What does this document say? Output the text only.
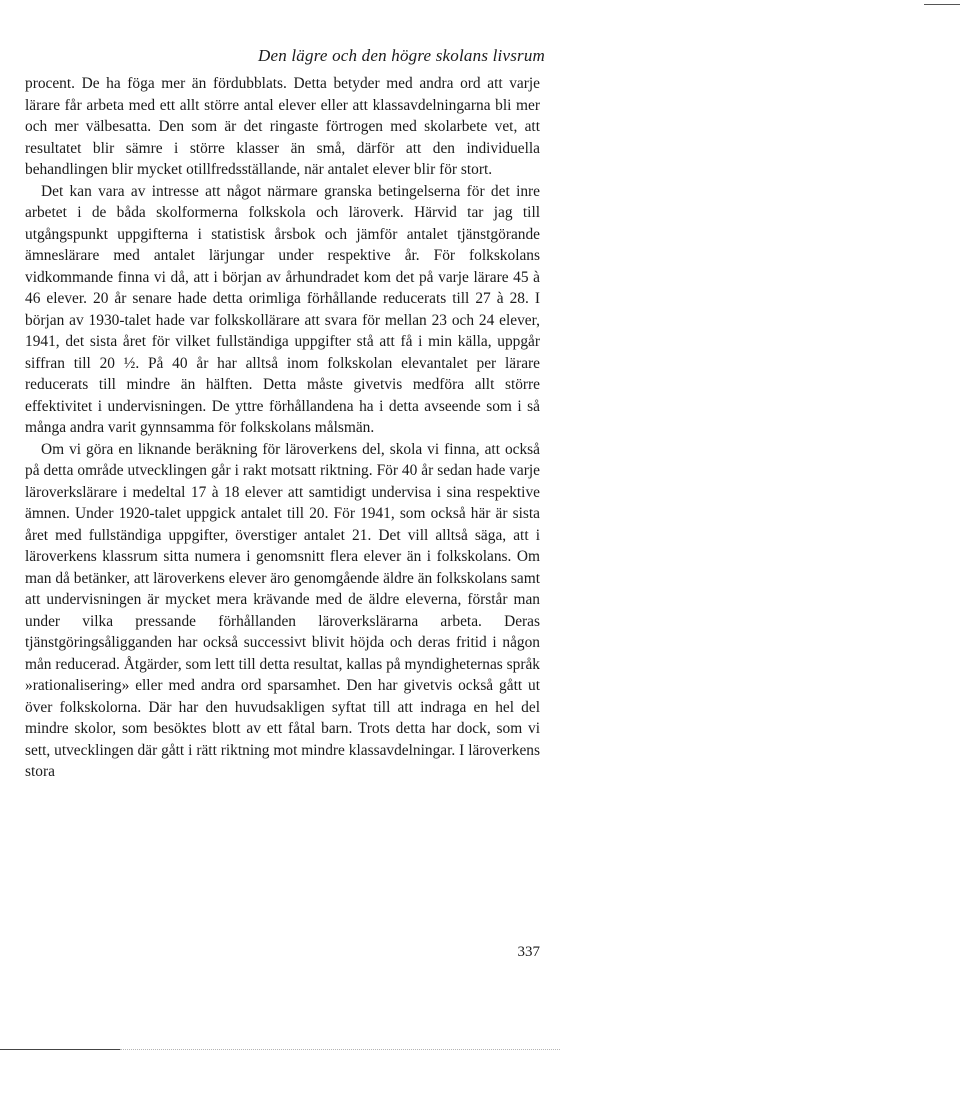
Den lägre och den högre skolans livsrum

procent. De ha föga mer än fördubblats. Detta betyder med andra ord att varje lärare får arbeta med ett allt större antal elever eller att klassavdelningarna bli mer och mer välbesatta. Den som är det ringaste förtrogen med skolarbete vet, att resultatet blir sämre i större klasser än små, därför att den individuella behandlingen blir mycket otillfredsställande, när antalet elever blir för stort.

Det kan vara av intresse att något närmare granska betingelserna för det inre arbetet i de båda skolformerna folkskola och läroverk. Härvid tar jag till utgångspunkt uppgifterna i statistisk årsbok och jämför antalet tjänstgörande ämneslärare med antalet lärjungar under respektive år. För folkskolans vidkommande finna vi då, att i början av århundradet kom det på varje lärare 45 à 46 elever. 20 år senare hade detta orimliga förhållande reducerats till 27 à 28. I början av 1930-talet hade var folkskollärare att svara för mellan 23 och 24 elever, 1941, det sista året för vilket fullständiga uppgifter stå att få i min källa, uppgår siffran till 20 ½. På 40 år har alltså inom folkskolan elevantalet per lärare reducerats till mindre än hälften. Detta måste givetvis medföra allt större effektivitet i undervisningen. De yttre förhållandena ha i detta avseende som i så många andra varit gynnsamma för folkskolans målsmän.

Om vi göra en liknande beräkning för läroverkens del, skola vi finna, att också på detta område utvecklingen går i rakt motsatt riktning. För 40 år sedan hade varje läroverkslärare i medeltal 17 à 18 elever att samtidigt undervisa i sina respektive ämnen. Under 1920-talet uppgick antalet till 20. För 1941, som också här är sista året med fullständiga uppgifter, överstiger antalet 21. Det vill alltså säga, att i läroverkens klassrum sitta numera i genomsnitt flera elever än i folkskolans. Om man då betänker, att läroverkens elever äro genomgående äldre än folkskolans samt att undervisningen är mycket mera krävande med de äldre eleverna, förstår man under vilka pressande förhållanden läroverkslärarna arbeta. Deras tjänstgöringsåligganden har också successivt blivit höjda och deras fritid i någon mån reducerad. Åtgärder, som lett till detta resultat, kallas på myndigheternas språk »rationalisering» eller med andra ord sparsamhet. Den har givetvis också gått ut över folkskolorna. Där har den huvudsakligen syftat till att indraga en hel del mindre skolor, som besöktes blott av ett fåtal barn. Trots detta har dock, som vi sett, utvecklingen där gått i rätt riktning mot mindre klassavdelningar. I läroverkens stora

337
